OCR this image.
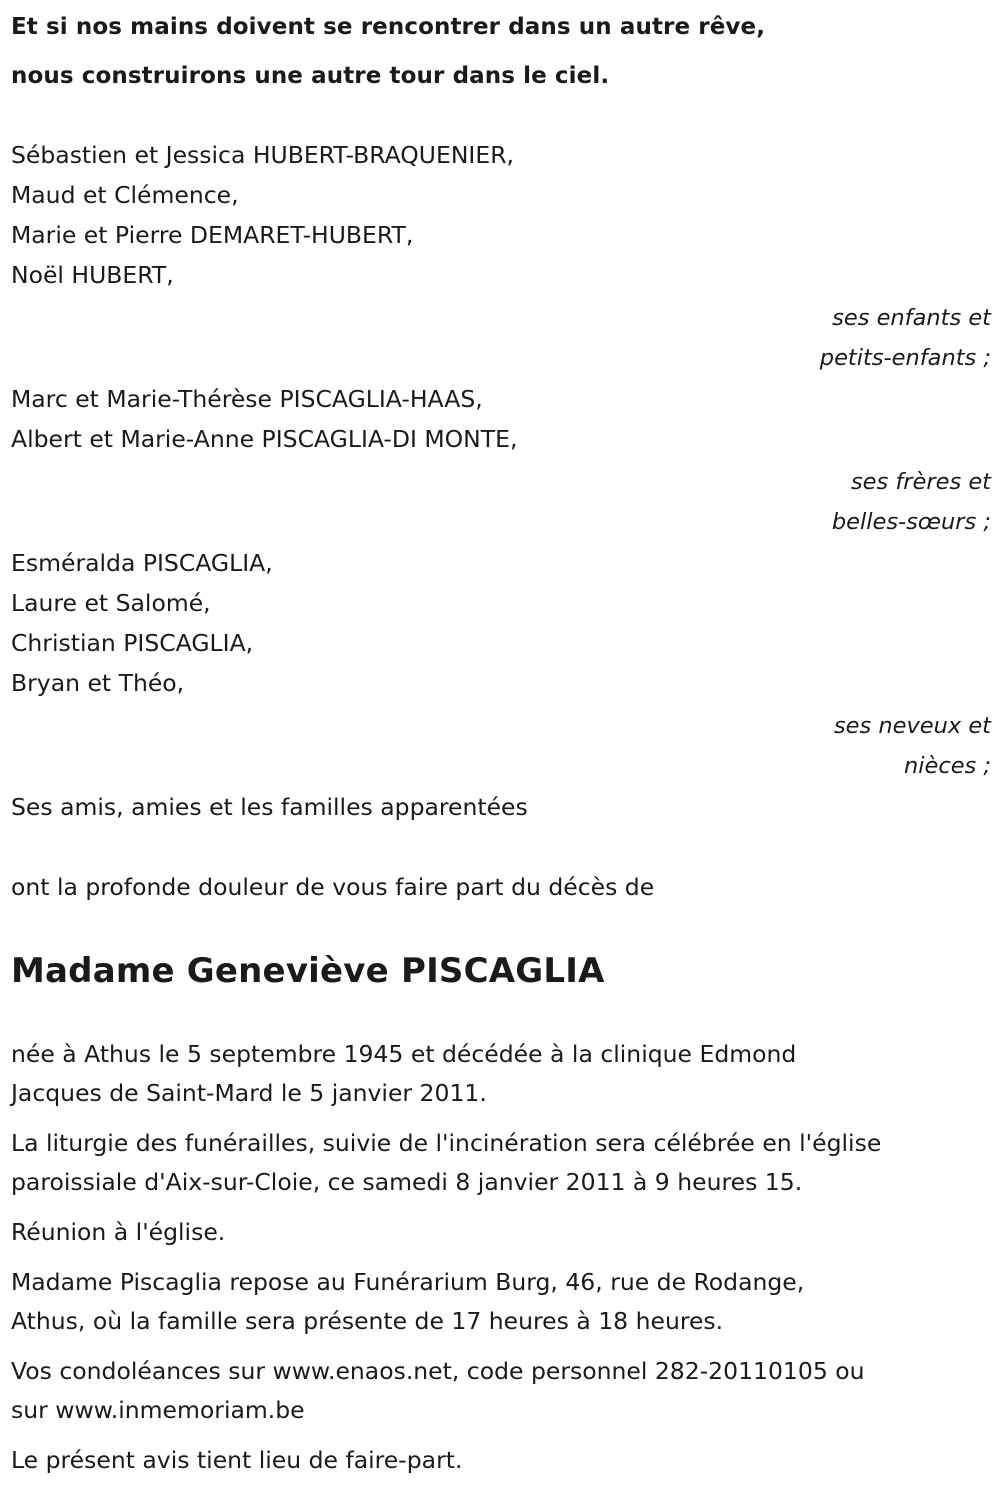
Et si nos mains doivent se rencontrer dans un autre rêve,
nous construirons une autre tour dans le ciel.
Sébastien et Jessica HUBERT-BRAQUENIER,
Maud et Clémence,
Marie et Pierre DEMARET-HUBERT,
Noël HUBERT,
ses enfants et
petits-enfants ;
Marc et Marie-Thérèse PISCAGLIA-HAAS,
Albert et Marie-Anne PISCAGLIA-DI MONTE,
ses frères et
belles-sœurs ;
Esméralda PISCAGLIA,
Laure et Salomé,
Christian PISCAGLIA,
Bryan et Théo,
ses neveux et
nièces ;
Ses amis, amies et les familles apparentées
ont la profonde douleur de vous faire part du décès de
Madame Geneviève PISCAGLIA
née à Athus le 5 septembre 1945 et décédée à la clinique Edmond
Jacques de Saint-Mard le 5 janvier 2011.
La liturgie des funérailles, suivie de l'incinération sera célébrée en l'église
paroissiale d'Aix-sur-Cloie, ce samedi 8 janvier 2011 à 9 heures 15.
Réunion à l'église.
Madame Piscaglia repose au Funérarium Burg, 46, rue de Rodange,
Athus, où la famille sera présente de 17 heures à 18 heures.
Vos condoléances sur www.enaos.net, code personnel 282-20110105 ou
sur www.inmemoriam.be
Le présent avis tient lieu de faire-part.
